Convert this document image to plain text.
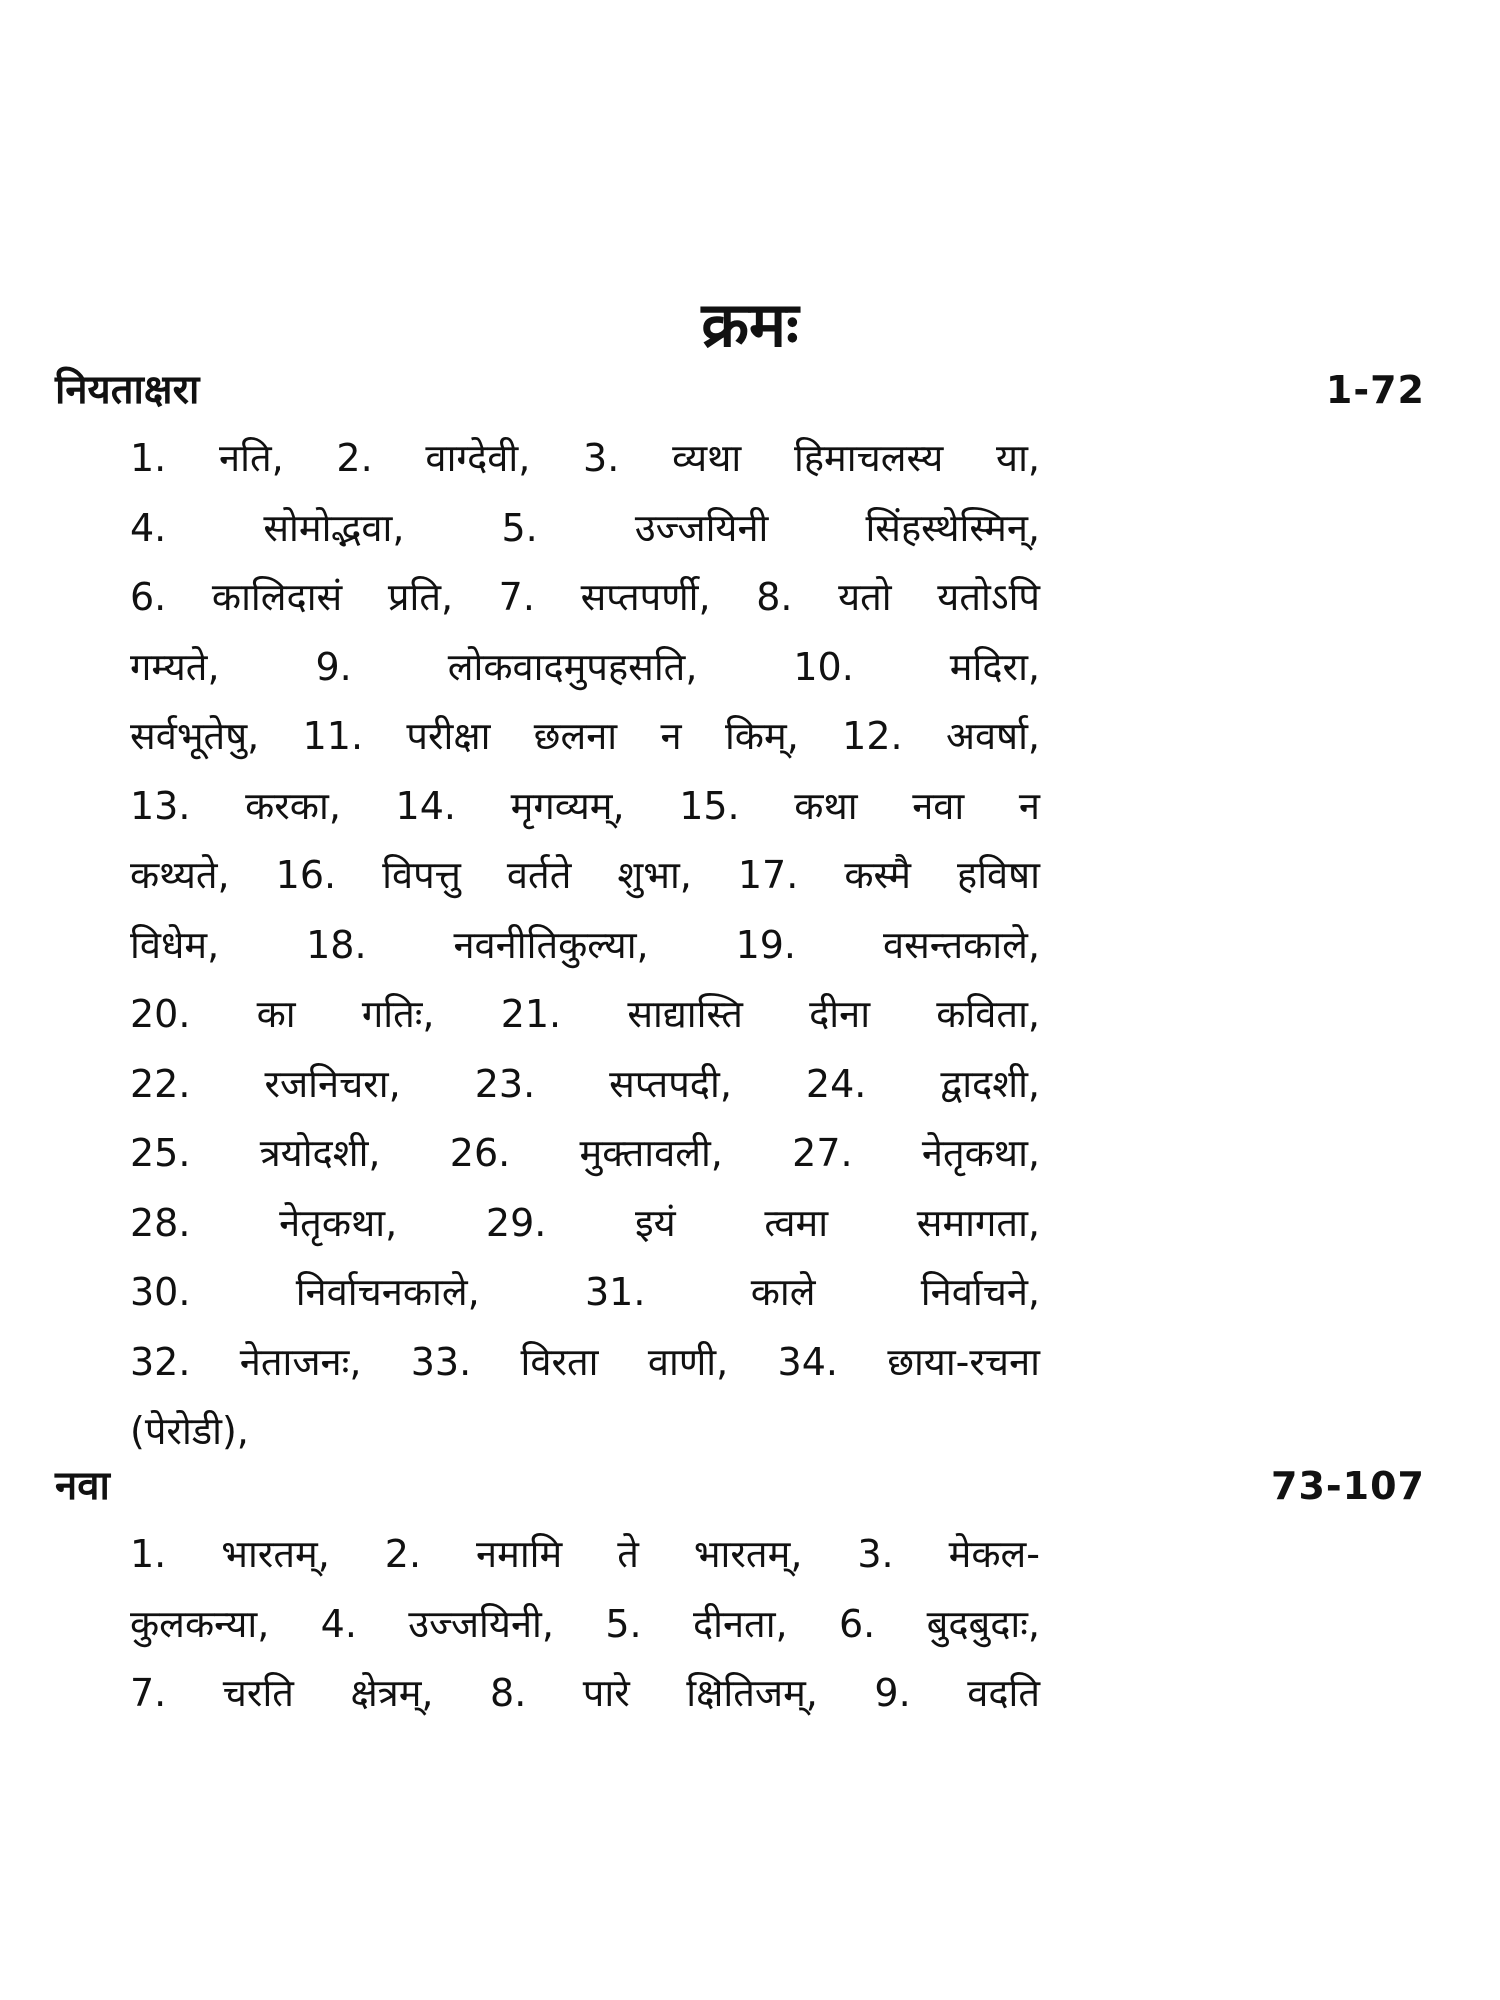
क्रमः
नियताक्षरा	1-72
1. नति, 2. वाग्देवी, 3. व्यथा हिमाचलस्य या,
4. सोमोद्भवा, 5. उज्जयिनी सिंहस्थेस्मिन्,
6. कालिदासं प्रति, 7. सप्तपर्णी, 8. यतो यतोऽपि
गम्यते, 9. लोकवादमुपहसति, 10. मदिरा,
सर्वभूतेषु, 11. परीक्षा छलना न किम्, 12. अवर्षा,
13. करका, 14. मृगव्यम्, 15. कथा नवा न
कथ्यते, 16. विपत्तु वर्तते शुभा, 17. कस्मै हविषा
विधेम, 18. नवनीतिकुल्या, 19. वसन्तकाले,
20. का गतिः, 21. साद्यास्ति दीना कविता,
22. रजनिचरा, 23. सप्तपदी, 24. द्वादशी,
25. त्रयोदशी, 26. मुक्तावली, 27. नेतृकथा,
28. नेतृकथा, 29. इयं त्वमा समागता,
30. निर्वाचनकाले, 31. काले निर्वाचने,
32. नेताजनः, 33. विरता वाणी, 34. छाया-रचना
(पेरोडी),
नवा	73-107
1. भारतम्, 2. नमामि ते भारतम्, 3. मेकल-
कुलकन्या, 4. उज्जयिनी, 5. दीनता, 6. बुदबुदाः,
7. चरति क्षेत्रम्, 8. पारे क्षितिजम्, 9. वदति
